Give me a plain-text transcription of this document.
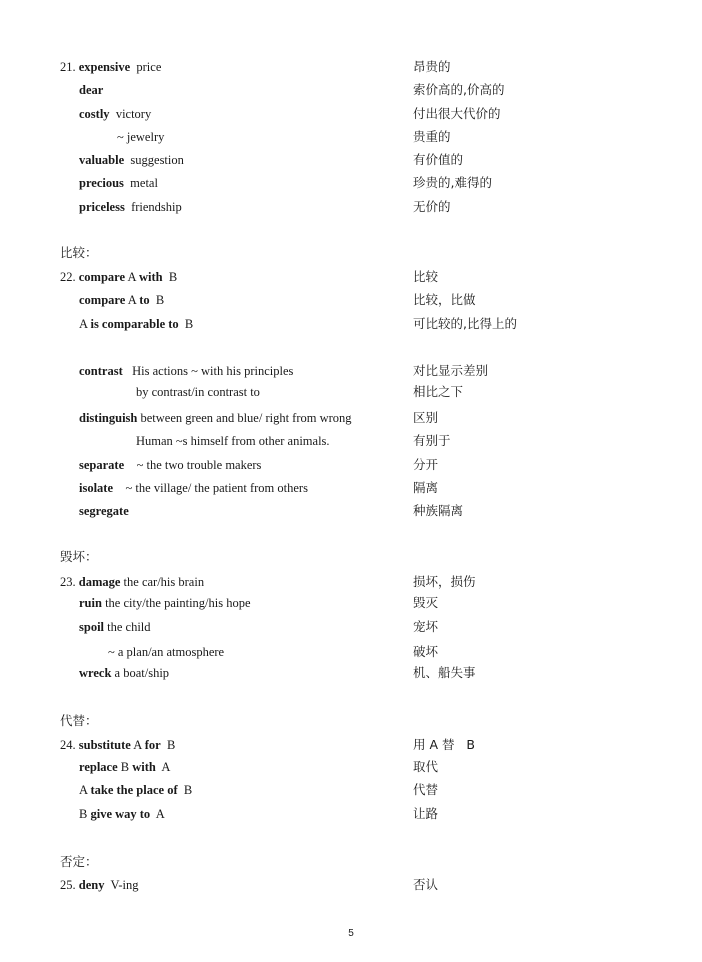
5
21. expensive  price	昂贵的
dear	索价高的,价高的
costly  victory	付出很大代价的
~ jewelry	贵重的
valuable  suggestion	有价值的
precious  metal	珍贵的,难得的
priceless  friendship	无价的
比较：
22. compare A with  B	比较
compare A to  B	比较，比做
A is comparable to  B	可比较的,比得上的
contrast   His actions ~ with his principles	对比显示差别
by contrast/in contrast to	相比之下
distinguish between green and blue/ right from wrong	区别
Human ~s himself from other animals.	有别于
separate    ~ the two trouble makers	分开
isolate    ~ the village/ the patient from others	隔离
segregate	种族隔离
毁坏：
23. damage the car/his brain	损坏，损伤
ruin the city/the painting/his hope	毁灭
spoil the child	宠坏
~ a plan/an atmosphere	破坏
wreck a boat/ship	机、船失事
代替：
24. substitute A for  B	用 A 替   B
replace B with  A	取代
A take the place of  B	代替
B give way to  A	让路
否定：
25. deny  V-ing	否认
